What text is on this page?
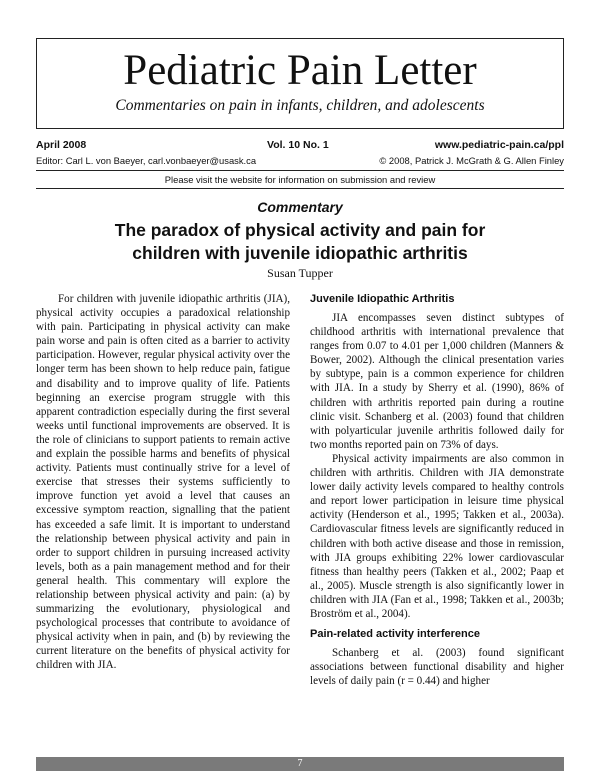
Pediatric Pain Letter
Commentaries on pain in infants, children, and adolescents
April 2008	Vol. 10 No. 1	www.pediatric-pain.ca/ppl
Editor: Carl L. von Baeyer, carl.vonbaeyer@usask.ca	© 2008, Patrick J. McGrath & G. Allen Finley
Please visit the website for information on submission and review
Commentary
The paradox of physical activity and pain for
children with juvenile idiopathic arthritis
Susan Tupper

For children with juvenile idiopathic arthritis (JIA), physical activity occupies a paradoxical relationship with pain. Participating in physical activity can make pain worse and pain is often cited as a barrier to activity participation. However, regular physical activity over the longer term has been shown to help reduce pain, fatigue and disability and to improve quality of life. Patients beginning an exercise program struggle with this apparent contradiction especially during the first several weeks until functional improvements are observed. It is the role of clinicians to support patients to remain active and explain the possible harms and benefits of physical activity. Patients must continually strive for a level of exercise that stresses their systems sufficiently to improve function yet avoid a level that causes an excessive symptom reaction, signalling that the patient has exceeded a safe limit. It is important to understand the relationship between physical activity and pain in order to support children in pursuing increased activity levels, both as a pain management method and for their general health. This commentary will explore the relationship between physical activity and pain: (a) by summarizing the evolutionary, physiological and psychological processes that contribute to avoidance of physical activity when in pain, and (b) by reviewing the current literature on the benefits of physical activity for children with JIA.

Juvenile Idiopathic Arthritis

JIA encompasses seven distinct subtypes of childhood arthritis with international prevalence that ranges from 0.07 to 4.01 per 1,000 children (Manners & Bower, 2002). Although the clinical presentation varies by subtype, pain is a common experience for children with JIA. In a study by Sherry et al. (1990), 86% of children with arthritis reported pain during a routine clinic visit. Schanberg et al. (2003) found that children with polyarticular juvenile arthritis followed daily for two months reported pain on 73% of days.

Physical activity impairments are also common in children with arthritis. Children with JIA demonstrate lower daily activity levels compared to healthy controls and report lower participation in leisure time physical activity (Henderson et al., 1995; Takken et al., 2003a). Cardiovascular fitness levels are significantly reduced in children with both active disease and those in remission, with JIA groups exhibiting 22% lower cardiovascular fitness than healthy peers (Takken et al., 2002; Paap et al., 2005). Muscle strength is also significantly lower in children with JIA (Fan et al., 1998; Takken et al., 2003b; Broström et al., 2004).

Pain-related activity interference

Schanberg et al. (2003) found significant associations between functional disability and higher levels of daily pain (r = 0.44) and higher

7
